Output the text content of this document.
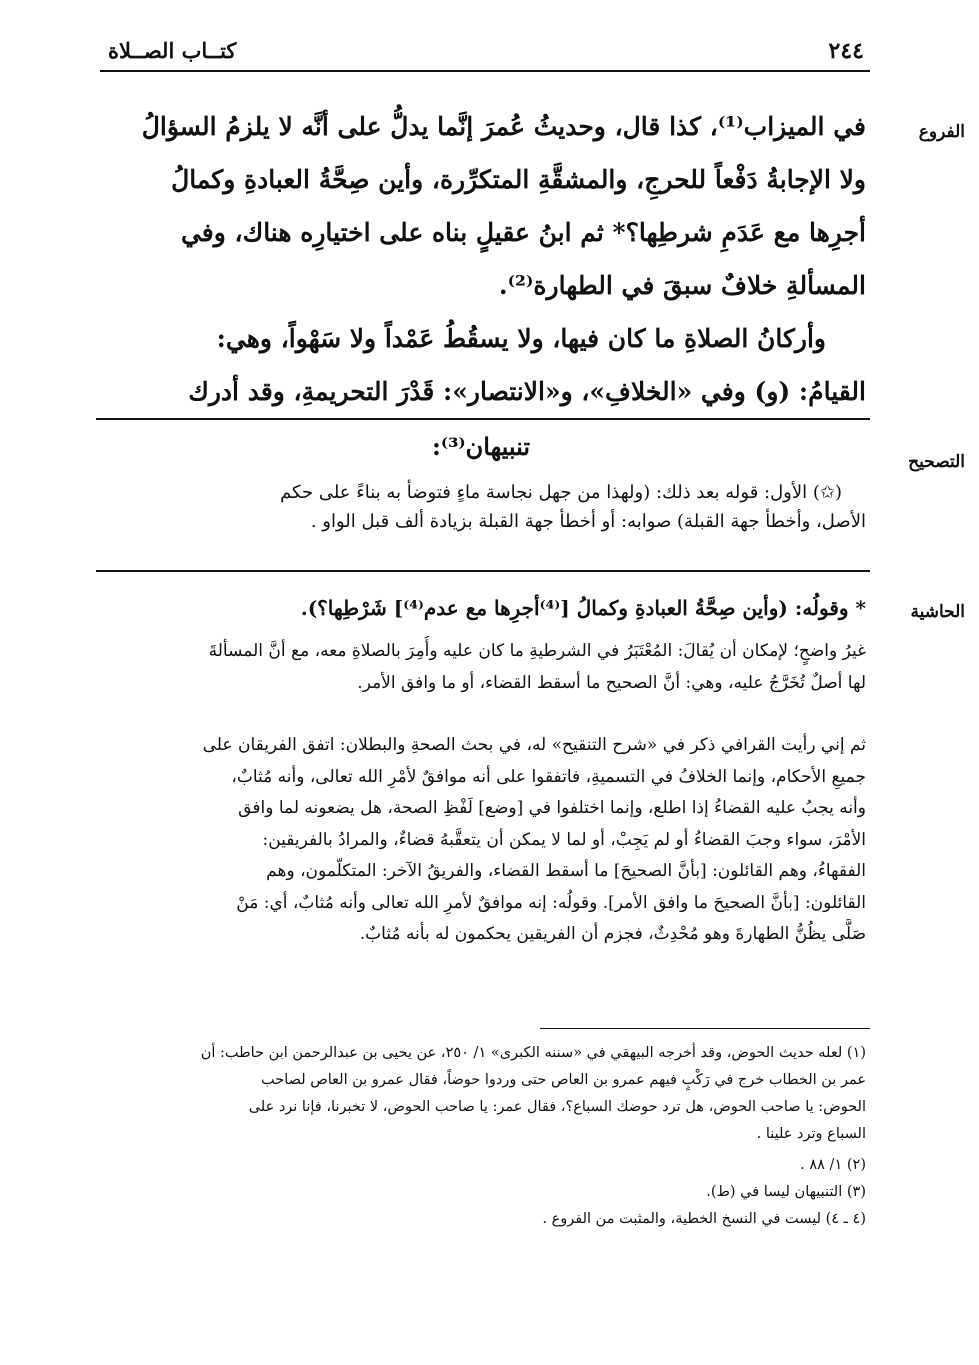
٢٤٤
كتــاب الصــلاة
الفروع
التصحيح
الحاشية
في الميزاب⁽¹⁾، كذا قال، وحديثُ عُمرَ إنَّما يدلُّ على أنَّه لا يلزمُ السؤالُ
ولا الإجابةُ دَفْعاً للحرجِ، والمشقَّةِ المتكرِّرة، وأين صِحَّةُ العبادةِ وكمالُ
أجرِها مع عَدَمِ شرطِها؟* ثم ابنُ عقيلٍ بناه على اختيارِه هناك، وفي
المسألةِ خلافٌ سبقَ في الطهارة⁽²⁾.
وأركانُ الصلاةِ ما كان فيها، ولا يسقُطُ عَمْداً ولا سَهْواً، وهي:
القيامُ: (و) وفي «الخلافِ»، و«الانتصار»: قَدْرَ التحريمةِ، وقد أدرك
تنبيهان⁽³⁾:
(✩) الأول: قوله بعد ذلك: (ولهذا من جهل نجاسة ماءٍ فتوضأ به بناءً على حكم
الأصل، وأخطأ جهة القبلة) صوابه: أو أخطأ جهة القبلة بزيادة ألف قبل الواو .
* وقولُه: (وأين صِحَّةُ العبادةِ وكمالُ [⁽⁴⁾أجرِها مع عدم⁽⁴⁾] شَرْطِها؟).
غيرُ واضحٍ؛ لإمكان أن يُقالَ: المُعْتَبَرُ في الشرطيةِ ما كان عليه وأُمِرَ بالصلاةِ معه، مع أنَّ المسألةَ
لها أصلٌ تُخَرَّجُ عليه، وهي: أنَّ الصحيح ما أسقط القضاء، أو ما وافق الأمر.
ثم إني رأيت القرافي ذكر في «شرح التنقيح» له، في بحث الصحةِ والبطلان: اتفق الفريقان على
جميعِ الأحكام، وإنما الخلافُ في التسميةِ، فاتفقوا على أنه موافقٌ لأمْرِ الله تعالى، وأنه مُثابٌ،
وأنه يجبُ عليه القضاءُ إذا اطلع، وإنما اختلفوا في [وضع] لَفْظِ الصحة، هل يضعونه لما وافق
الأمْرَ، سواء وجبَ القضاءُ أو لم يَجِبْ، أو لما لا يمكن أن يتعقَّبهُ قضاءٌ، والمرادُ بالفريقين:
الفقهاءُ، وهم القائلون: [بأنَّ الصحيحَ] ما أسقط القضاء، والفريقُ الآخر: المتكلّمون، وهم
القائلون: [بأنَّ الصحيحَ ما وافق الأمر]. وقولُه: إنه موافقٌ لأمرِ الله تعالى وأنه مُثابٌ، أي: مَنْ
صَلَّى يظُنُّ الطهارةَ وهو مُحْدِثٌ، فجزم أن الفريقين يحكمون له بأنه مُثابٌ.
(١) لعله حديث الحوض، وقد أخرجه البيهقي في «سننه الكبرى» ١/ ٢٥٠، عن يحيى بن عبدالرحمن ابن حاطب: أن
عمر بن الخطاب خرج في رَكْبٍ فيهم عمرو بن العاص حتى وردوا حوضاً، فقال عمرو بن العاص لصاحب
الحوض: يا صاحب الحوض، هل ترد حوضك السباع؟، فقال عمر: يا صاحب الحوض، لا تخبرنا، فإنا نرد على
السباع وترد علينا .
(٢) ١/ ٨٨ .
(٣) التنبيهان ليسا في (ط).
(٤ ـ ٤) ليست في النسخ الخطية، والمثبت من الفروع .
